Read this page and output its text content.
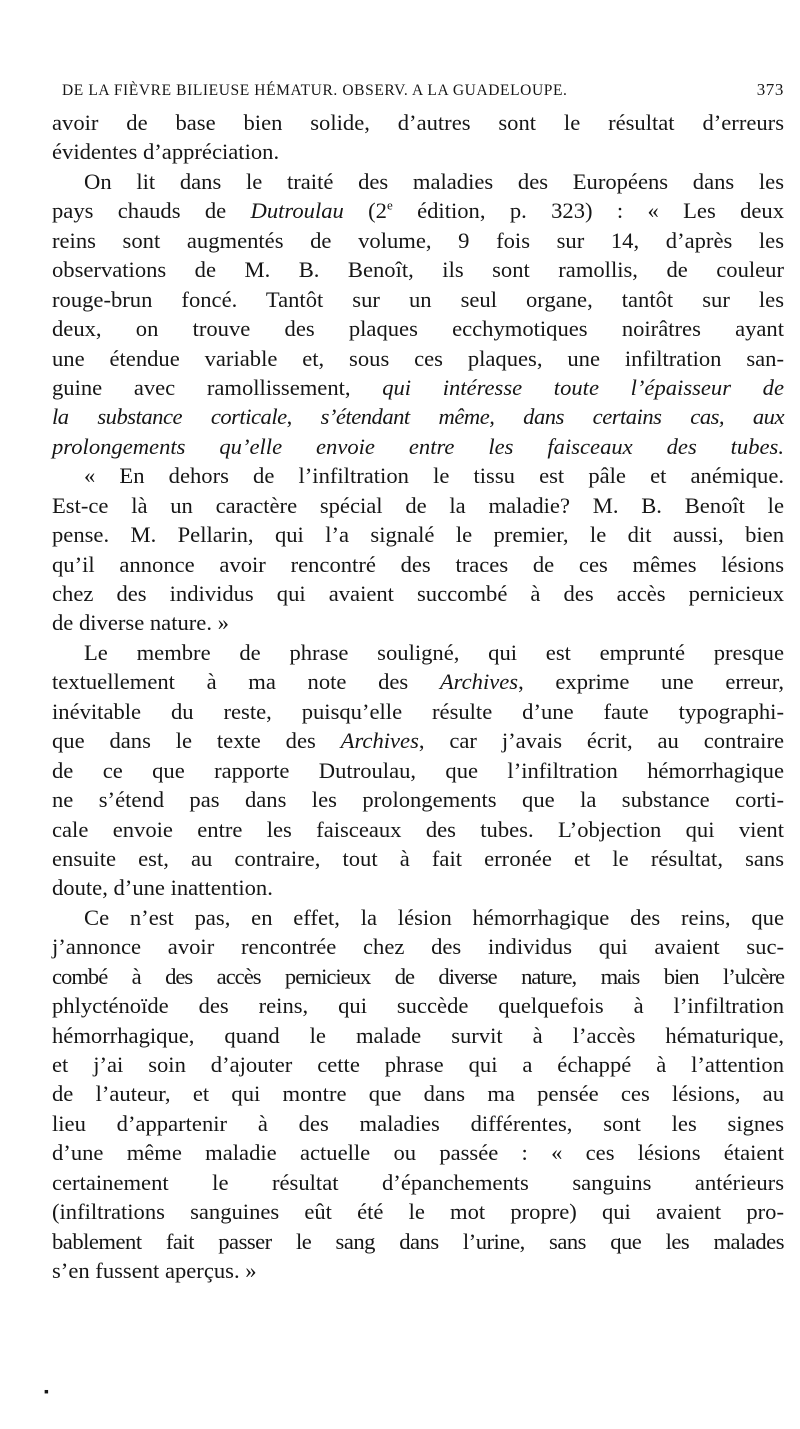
DE LA FIÈVRE BILIEUSE HÉMATUR. OBSERV. A LA GUADELOUPE.	373
avoir de base bien solide, d’autres sont le résultat d’erreurs
évidentes d’appréciation.
On lit dans le traité des maladies des Européens dans les
pays chauds de Dutroulau (2e édition, p. 323) : « Les deux
reins sont augmentés de volume, 9 fois sur 14, d’après les
observations de M. B. Benoît, ils sont ramollis, de couleur
rouge-brun foncé. Tantôt sur un seul organe, tantôt sur les
deux, on trouve des plaques ecchymotiques noirâtres ayant
une étendue variable et, sous ces plaques, une infiltration san-
guine avec ramollissement, qui intéresse toute l’épaisseur de
la substance corticale, s’étendant même, dans certains cas, aux
prolongements qu’elle envoie entre les faisceaux des tubes.
« En dehors de l’infiltration le tissu est pâle et anémique.
Est-ce là un caractère spécial de la maladie? M. B. Benoît le
pense. M. Pellarin, qui l’a signalé le premier, le dit aussi, bien
qu’il annonce avoir rencontré des traces de ces mêmes lésions
chez des individus qui avaient succombé à des accès pernicieux
de diverse nature. »
Le membre de phrase souligné, qui est emprunté presque
textuellement à ma note des Archives, exprime une erreur,
inévitable du reste, puisqu’elle résulte d’une faute typographi-
que dans le texte des Archives, car j’avais écrit, au contraire
de ce que rapporte Dutroulau, que l’infiltration hémorrhagique
ne s’étend pas dans les prolongements que la substance corti-
cale envoie entre les faisceaux des tubes. L’objection qui vient
ensuite est, au contraire, tout à fait erronée et le résultat, sans
doute, d’une inattention.
Ce n’est pas, en effet, la lésion hémorrhagique des reins, que
j’annonce avoir rencontrée chez des individus qui avaient suc-
combé à des accès pernicieux de diverse nature, mais bien l’ulcère
phlycténoïde des reins, qui succède quelquefois à l’infiltration
hémorrhagique, quand le malade survit à l’accès hématurique,
et j’ai soin d’ajouter cette phrase qui a échappé à l’attention
de l’auteur, et qui montre que dans ma pensée ces lésions, au
lieu d’appartenir à des maladies différentes, sont les signes
d’une même maladie actuelle ou passée : « ces lésions étaient
certainement le résultat d’épanchements sanguins antérieurs
(infiltrations sanguines eût été le mot propre) qui avaient pro-
bablement fait passer le sang dans l’urine, sans que les malades
s’en fussent aperçus. »
▪
